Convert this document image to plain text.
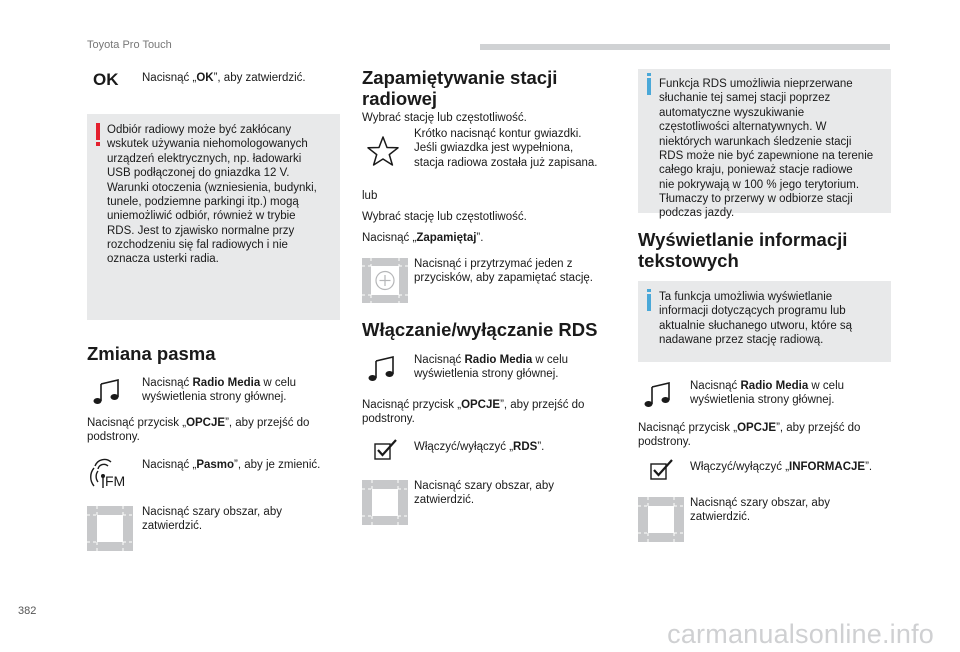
Toyota Pro Touch
OK Nacisnąć „OK”, aby zatwierdzić.
Odbiór radiowy może być zakłócany
wskutek używania niehomologowanych
urządzeń elektrycznych, np. ładowarki
USB podłączonej do gniazdka 12 V.
Warunki otoczenia (wzniesienia, budynki,
tunele, podziemne parkingi itp.) mogą
uniemożliwić odbiór, również w trybie
RDS. Jest to zjawisko normalne przy
rozchodzeniu się fal radiowych i nie
oznacza usterki radia.
Zmiana pasma
Nacisnąć Radio Media w celu
wyświetlenia strony głównej.
Nacisnąć przycisk „OPCJE”, aby przejść do
podstrony.
FM
Nacisnąć „Pasmo”, aby je zmienić.
Nacisnąć szary obszar, aby
zatwierdzić.
Zapamiętywanie stacji
radiowej
Wybrać stację lub częstotliwość.
Krótko nacisnąć kontur gwiazdki.
Jeśli gwiazdka jest wypełniona,
stacja radiowa została już zapisana.
lub
Wybrać stację lub częstotliwość.
Nacisnąć „Zapamiętaj”.
Nacisnąć i przytrzymać jeden z
przycisków, aby zapamiętać stację.
Włączanie/wyłączanie RDS
Nacisnąć Radio Media w celu
wyświetlenia strony głównej.
Nacisnąć przycisk „OPCJE”, aby przejść do
podstrony.
Włączyć/wyłączyć „RDS”.
Nacisnąć szary obszar, aby
zatwierdzić.
Funkcja RDS umożliwia nieprzerwane
słuchanie tej samej stacji poprzez
automatyczne wyszukiwanie
częstotliwości alternatywnych. W
niektórych warunkach śledzenie stacji
RDS może nie być zapewnione na terenie
całego kraju, ponieważ stacje radiowe
nie pokrywają w 100 % jego terytorium.
Tłumaczy to przerwy w odbiorze stacji
podczas jazdy.
Wyświetlanie informacji
tekstowych
Ta funkcja umożliwia wyświetlanie
informacji dotyczących programu lub
aktualnie słuchanego utworu, które są
nadawane przez stację radiową.
Nacisnąć Radio Media w celu
wyświetlenia strony głównej.
Nacisnąć przycisk „OPCJE”, aby przejść do
podstrony.
Włączyć/wyłączyć „INFORMACJE”.
Nacisnąć szary obszar, aby
zatwierdzić.
382
carmanualsonline.info
